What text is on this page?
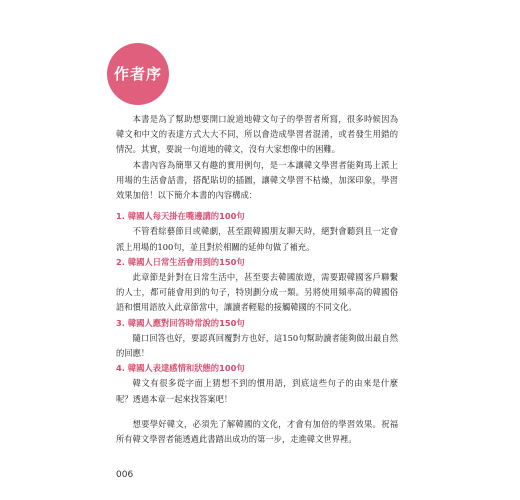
作者序

本書是為了幫助想要開口說道地韓文句子的學習者所寫，很多時候因為韓文和中文的表達方式大大不同，所以會造成學習者混淆，或者發生用錯的情況。其實，要說一句道地的韓文，沒有大家想像中的困難。

本書內容為簡單又有趣的實用例句，是一本讓韓文學習者能夠馬上派上用場的生活會話書，搭配貼切的插圖，讓韓文學習不枯燥，加深印象，學習效果加倍！以下簡介本書的內容構成：

1. 韓國人每天掛在嘴邊講的100句

不管看綜藝節目或韓劇，甚至跟韓國朋友聊天時，絕對會聽到且一定會派上用場的100句，並且對於相關的延伸句做了補充。

2. 韓國人日常生活會用到的150句

此章節是針對在日常生活中，甚至要去韓國旅遊，需要跟韓國客戶聯繫的人士，都可能會用到的句子，特別劃分成一類。另將使用頻率高的韓國俗語和慣用語放入此章節當中，讓讀者輕鬆的接觸韓國的不同文化。

3. 韓國人應對回答時常說的150句

隨口回答也好，要認真回覆對方也好，這150句幫助讀者能夠做出最自然的回應！

4. 韓國人表達感情和狀態的100句

韓文有很多從字面上猜想不到的慣用語，到底這些句子的由來是什麼呢？透過本章一起來找答案吧！

想要學好韓文，必須先了解韓國的文化，才會有加倍的學習效果。祝福所有韓文學習者能透過此書踏出成功的第一步，走進韓文世界裡。

006
